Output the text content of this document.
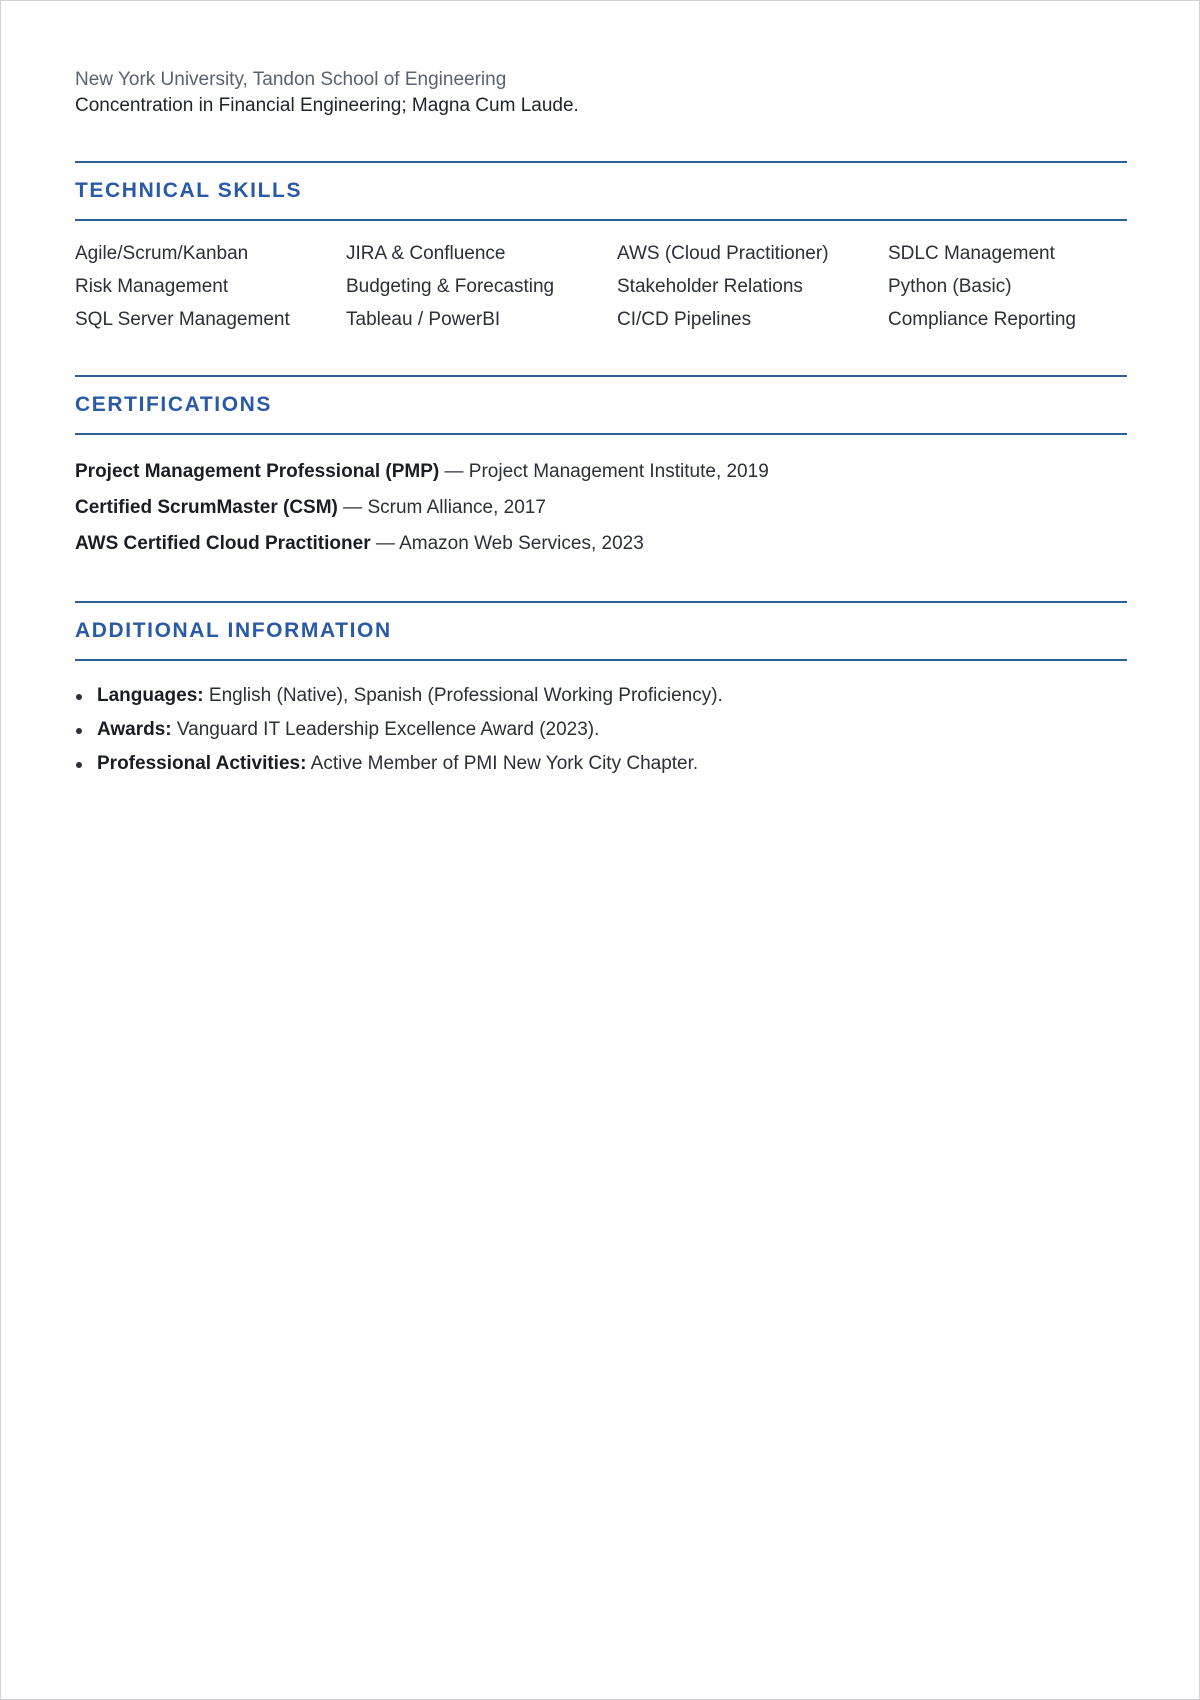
New York University, Tandon School of Engineering

Concentration in Financial Engineering; Magna Cum Laude.

TECHNICAL SKILLS
Agile/Scrum/Kanban	JIRA & Confluence	AWS (Cloud Practitioner)	SDLC Management
Risk Management	Budgeting & Forecasting	Stakeholder Relations	Python (Basic)
SQL Server Management	Tableau / PowerBI	CI/CD Pipelines	Compliance Reporting
CERTIFICATIONS

Project Management Professional (PMP) — Project Management Institute, 2019

Certified ScrumMaster (CSM) — Scrum Alliance, 2017

AWS Certified Cloud Practitioner — Amazon Web Services, 2023

ADDITIONAL INFORMATION
Languages: English (Native), Spanish (Professional Working Proficiency).
Awards: Vanguard IT Leadership Excellence Award (2023).
Professional Activities: Active Member of PMI New York City Chapter.
